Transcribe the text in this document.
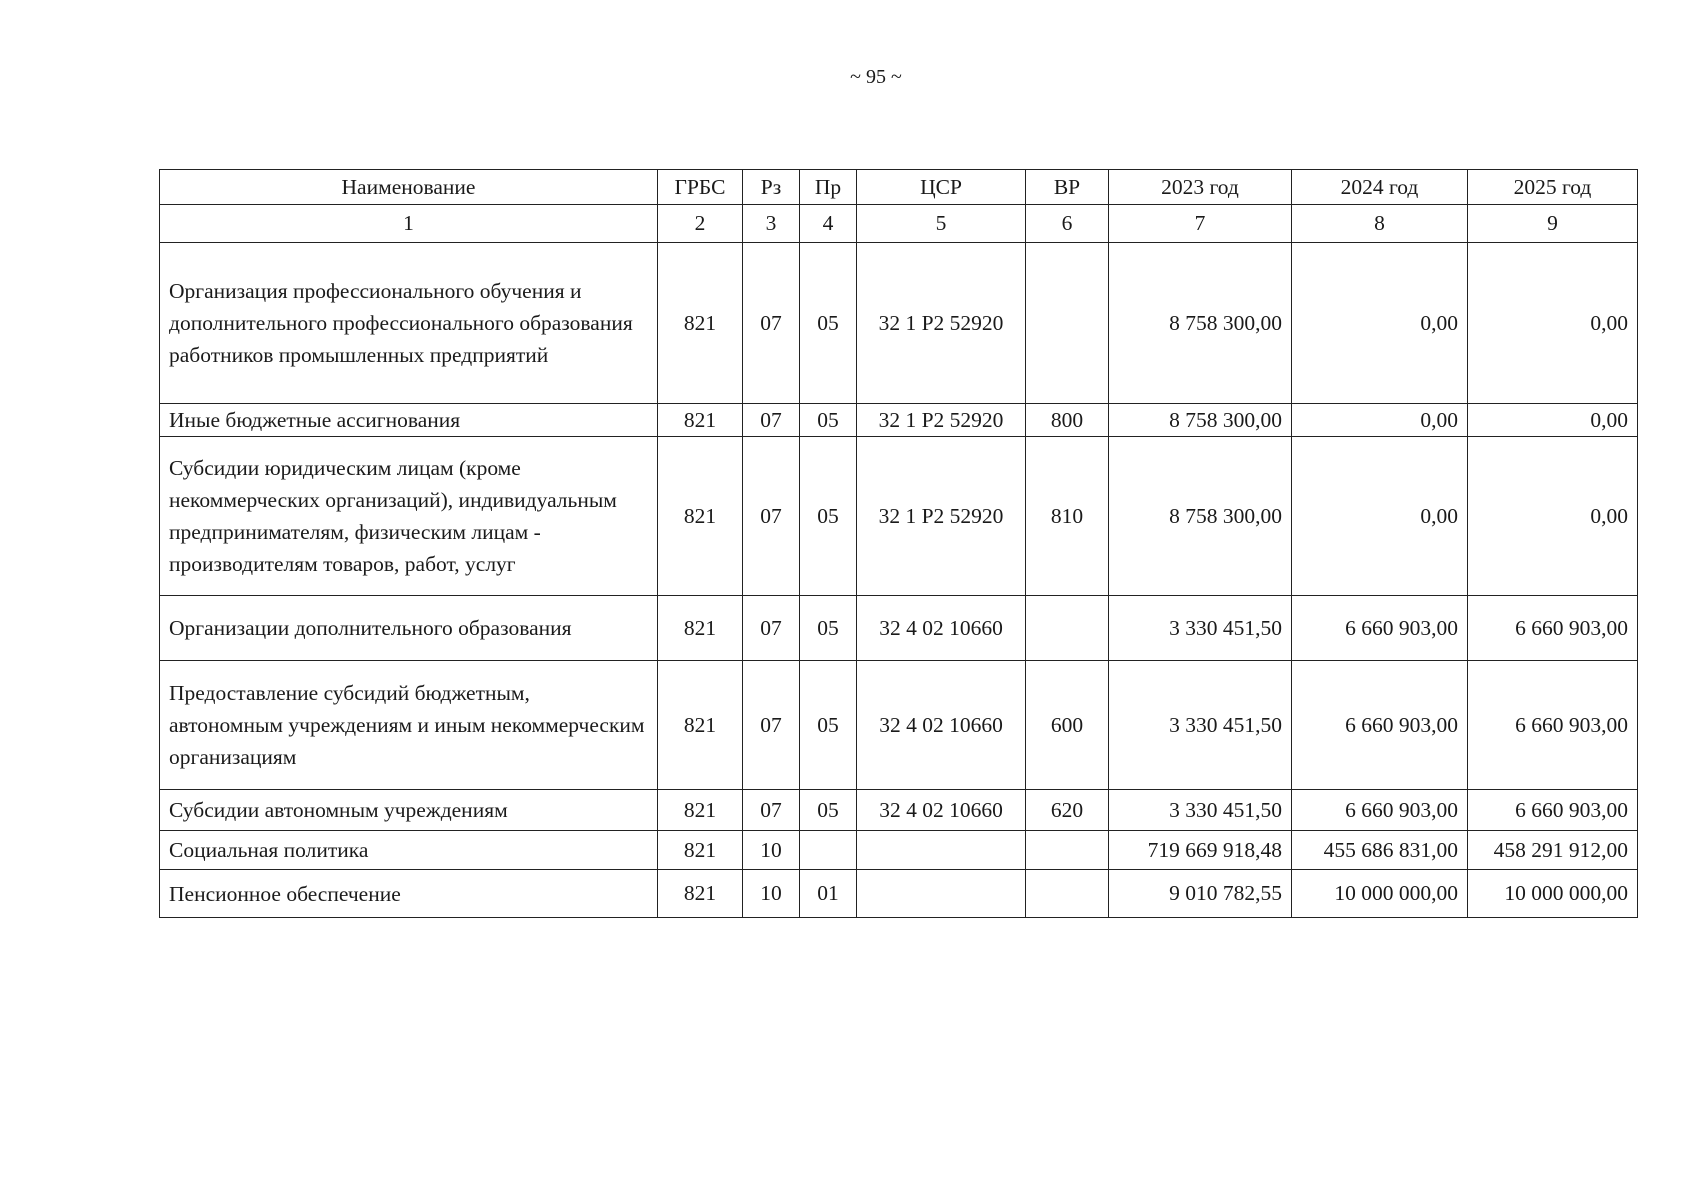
~ 95 ~
Наименование	ГРБС	Рз	Пр	ЦСР	ВР	2023 год	2024 год	2025 год
1	2	3	4	5	6	7	8	9
Организация профессионального обучения и дополнительного профессионального образования работников промышленных предприятий	821	07	05	32 1 P2 52920		8 758 300,00	0,00	0,00
Иные бюджетные ассигнования	821	07	05	32 1 P2 52920	800	8 758 300,00	0,00	0,00
Субсидии юридическим лицам (кроме некоммерческих организаций), индивидуальным предпринимателям, физическим лицам - производителям товаров, работ, услуг	821	07	05	32 1 P2 52920	810	8 758 300,00	0,00	0,00
Организации дополнительного образования	821	07	05	32 4 02 10660		3 330 451,50	6 660 903,00	6 660 903,00
Предоставление субсидий бюджетным, автономным учреждениям и иным некоммерческим организациям	821	07	05	32 4 02 10660	600	3 330 451,50	6 660 903,00	6 660 903,00
Субсидии автономным учреждениям	821	07	05	32 4 02 10660	620	3 330 451,50	6 660 903,00	6 660 903,00
Социальная политика	821	10				719 669 918,48	455 686 831,00	458 291 912,00
Пенсионное обеспечение	821	10	01			9 010 782,55	10 000 000,00	10 000 000,00
